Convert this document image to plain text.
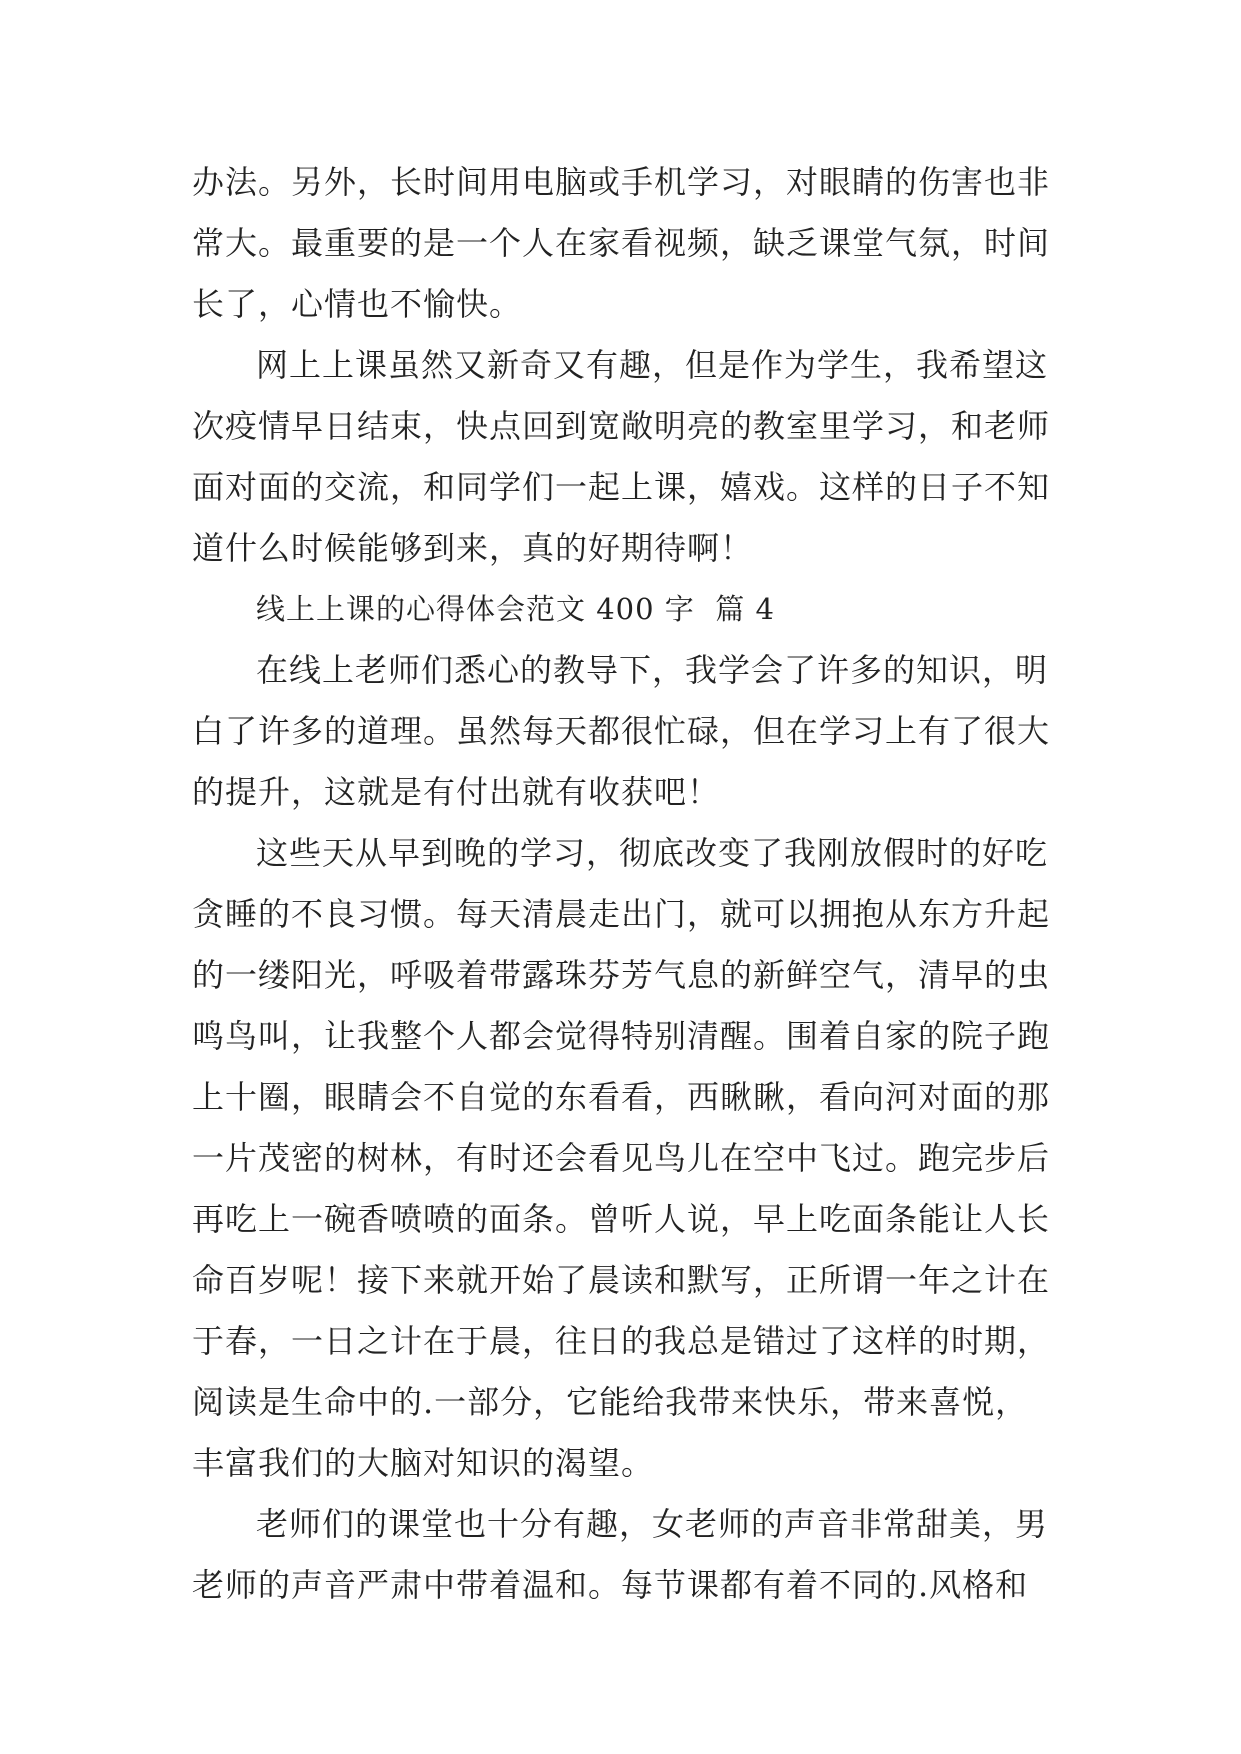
办法。另外，长时间用电脑或手机学习，对眼睛的伤害也非
常大。最重要的是一个人在家看视频，缺乏课堂气氛，时间
长了，心情也不愉快。
网上上课虽然又新奇又有趣，但是作为学生，我希望这
次疫情早日结束，快点回到宽敞明亮的教室里学习，和老师
面对面的交流，和同学们一起上课，嬉戏。这样的日子不知
道什么时候能够到来，真的好期待啊！
线上上课的心得体会范文 400 字  篇 4
在线上老师们悉心的教导下，我学会了许多的知识，明
白了许多的道理。虽然每天都很忙碌，但在学习上有了很大
的提升，这就是有付出就有收获吧！
这些天从早到晚的学习，彻底改变了我刚放假时的好吃
贪睡的不良习惯。每天清晨走出门，就可以拥抱从东方升起
的一缕阳光，呼吸着带露珠芬芳气息的新鲜空气，清早的虫
鸣鸟叫，让我整个人都会觉得特别清醒。围着自家的院子跑
上十圈，眼睛会不自觉的东看看，西瞅瞅，看向河对面的那
一片茂密的树林，有时还会看见鸟儿在空中飞过。跑完步后
再吃上一碗香喷喷的面条。曾听人说，早上吃面条能让人长
命百岁呢！接下来就开始了晨读和默写，正所谓一年之计在
于春，一日之计在于晨，往日的我总是错过了这样的时期，
阅读是生命中的.一部分，它能给我带来快乐，带来喜悦，
丰富我们的大脑对知识的渴望。
老师们的课堂也十分有趣，女老师的声音非常甜美，男
老师的声音严肃中带着温和。每节课都有着不同的.风格和
